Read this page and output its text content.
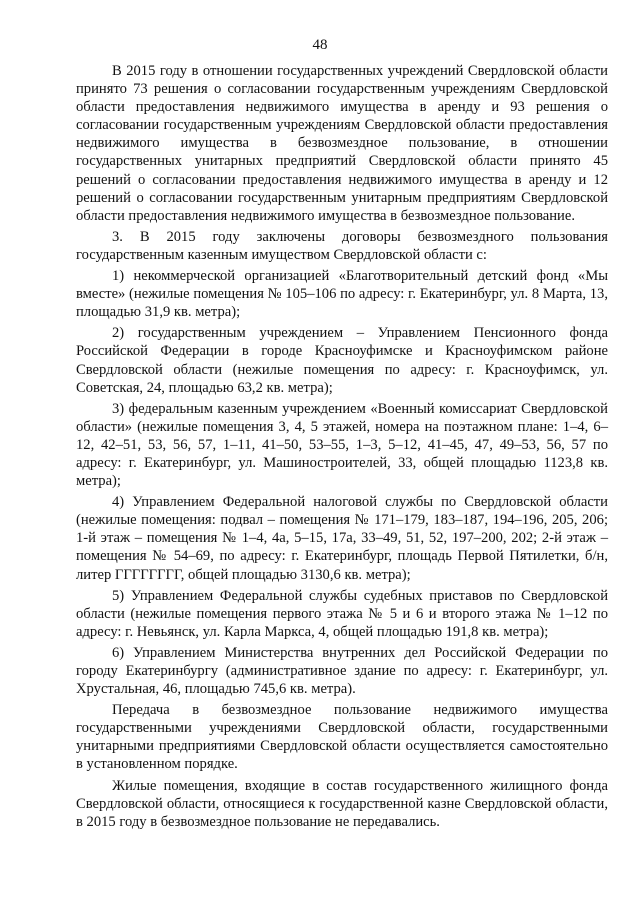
48

В 2015 году в отношении государственных учреждений Свердловской области принято 73 решения о согласовании государственным учреждениям Свердловской области предоставления недвижимого имущества в аренду и 93 решения о согласовании государственным учреждениям Свердловской области предоставления недвижимого имущества в безвозмездное пользование, в отношении государственных унитарных предприятий Свердловской области принято 45 решений о согласовании предоставления недвижимого имущества в аренду и 12 решений о согласовании государственным унитарным предприятиям Свердловской области предоставления недвижимого имущества в безвозмездное пользование.

3. В 2015 году заключены договоры безвозмездного пользования государственным казенным имуществом Свердловской области с:

1) некоммерческой организацией «Благотворительный детский фонд «Мы вместе» (нежилые помещения № 105–106 по адресу: г. Екатеринбург, ул. 8 Марта, 13, площадью 31,9 кв. метра);

2) государственным учреждением – Управлением Пенсионного фонда Российской Федерации в городе Красноуфимске и Красноуфимском районе Свердловской области (нежилые помещения по адресу: г. Красноуфимск, ул. Советская, 24, площадью 63,2 кв. метра);

3) федеральным казенным учреждением «Военный комиссариат Свердловской области» (нежилые помещения 3, 4, 5 этажей, номера на поэтажном плане: 1–4, 6–12, 42–51, 53, 56, 57, 1–11, 41–50, 53–55, 1–3, 5–12, 41–45, 47, 49–53, 56, 57 по адресу: г. Екатеринбург, ул. Машиностроителей, 33, общей площадью 1123,8 кв. метра);

4) Управлением Федеральной налоговой службы по Свердловской области (нежилые помещения: подвал – помещения № 171–179, 183–187, 194–196, 205, 206; 1-й этаж – помещения № 1–4, 4а, 5–15, 17а, 33–49, 51, 52, 197–200, 202; 2-й этаж – помещения № 54–69, по адресу: г. Екатеринбург, площадь Первой Пятилетки, б/н, литер ГГГГГГГГ, общей площадью 3130,6 кв. метра);

5) Управлением Федеральной службы судебных приставов по Свердловской области (нежилые помещения первого этажа № 5 и 6 и второго этажа № 1–12 по адресу: г. Невьянск, ул. Карла Маркса, 4, общей площадью 191,8 кв. метра);

6) Управлением Министерства внутренних дел Российской Федерации по городу Екатеринбургу (административное здание по адресу: г. Екатеринбург, ул. Хрустальная, 46, площадью 745,6 кв. метра).

Передача в безвозмездное пользование недвижимого имущества государственными учреждениями Свердловской области, государственными унитарными предприятиями Свердловской области осуществляется самостоятельно в установленном порядке.

Жилые помещения, входящие в состав государственного жилищного фонда Свердловской области, относящиеся к государственной казне Свердловской области, в 2015 году в безвозмездное пользование не передавались.
